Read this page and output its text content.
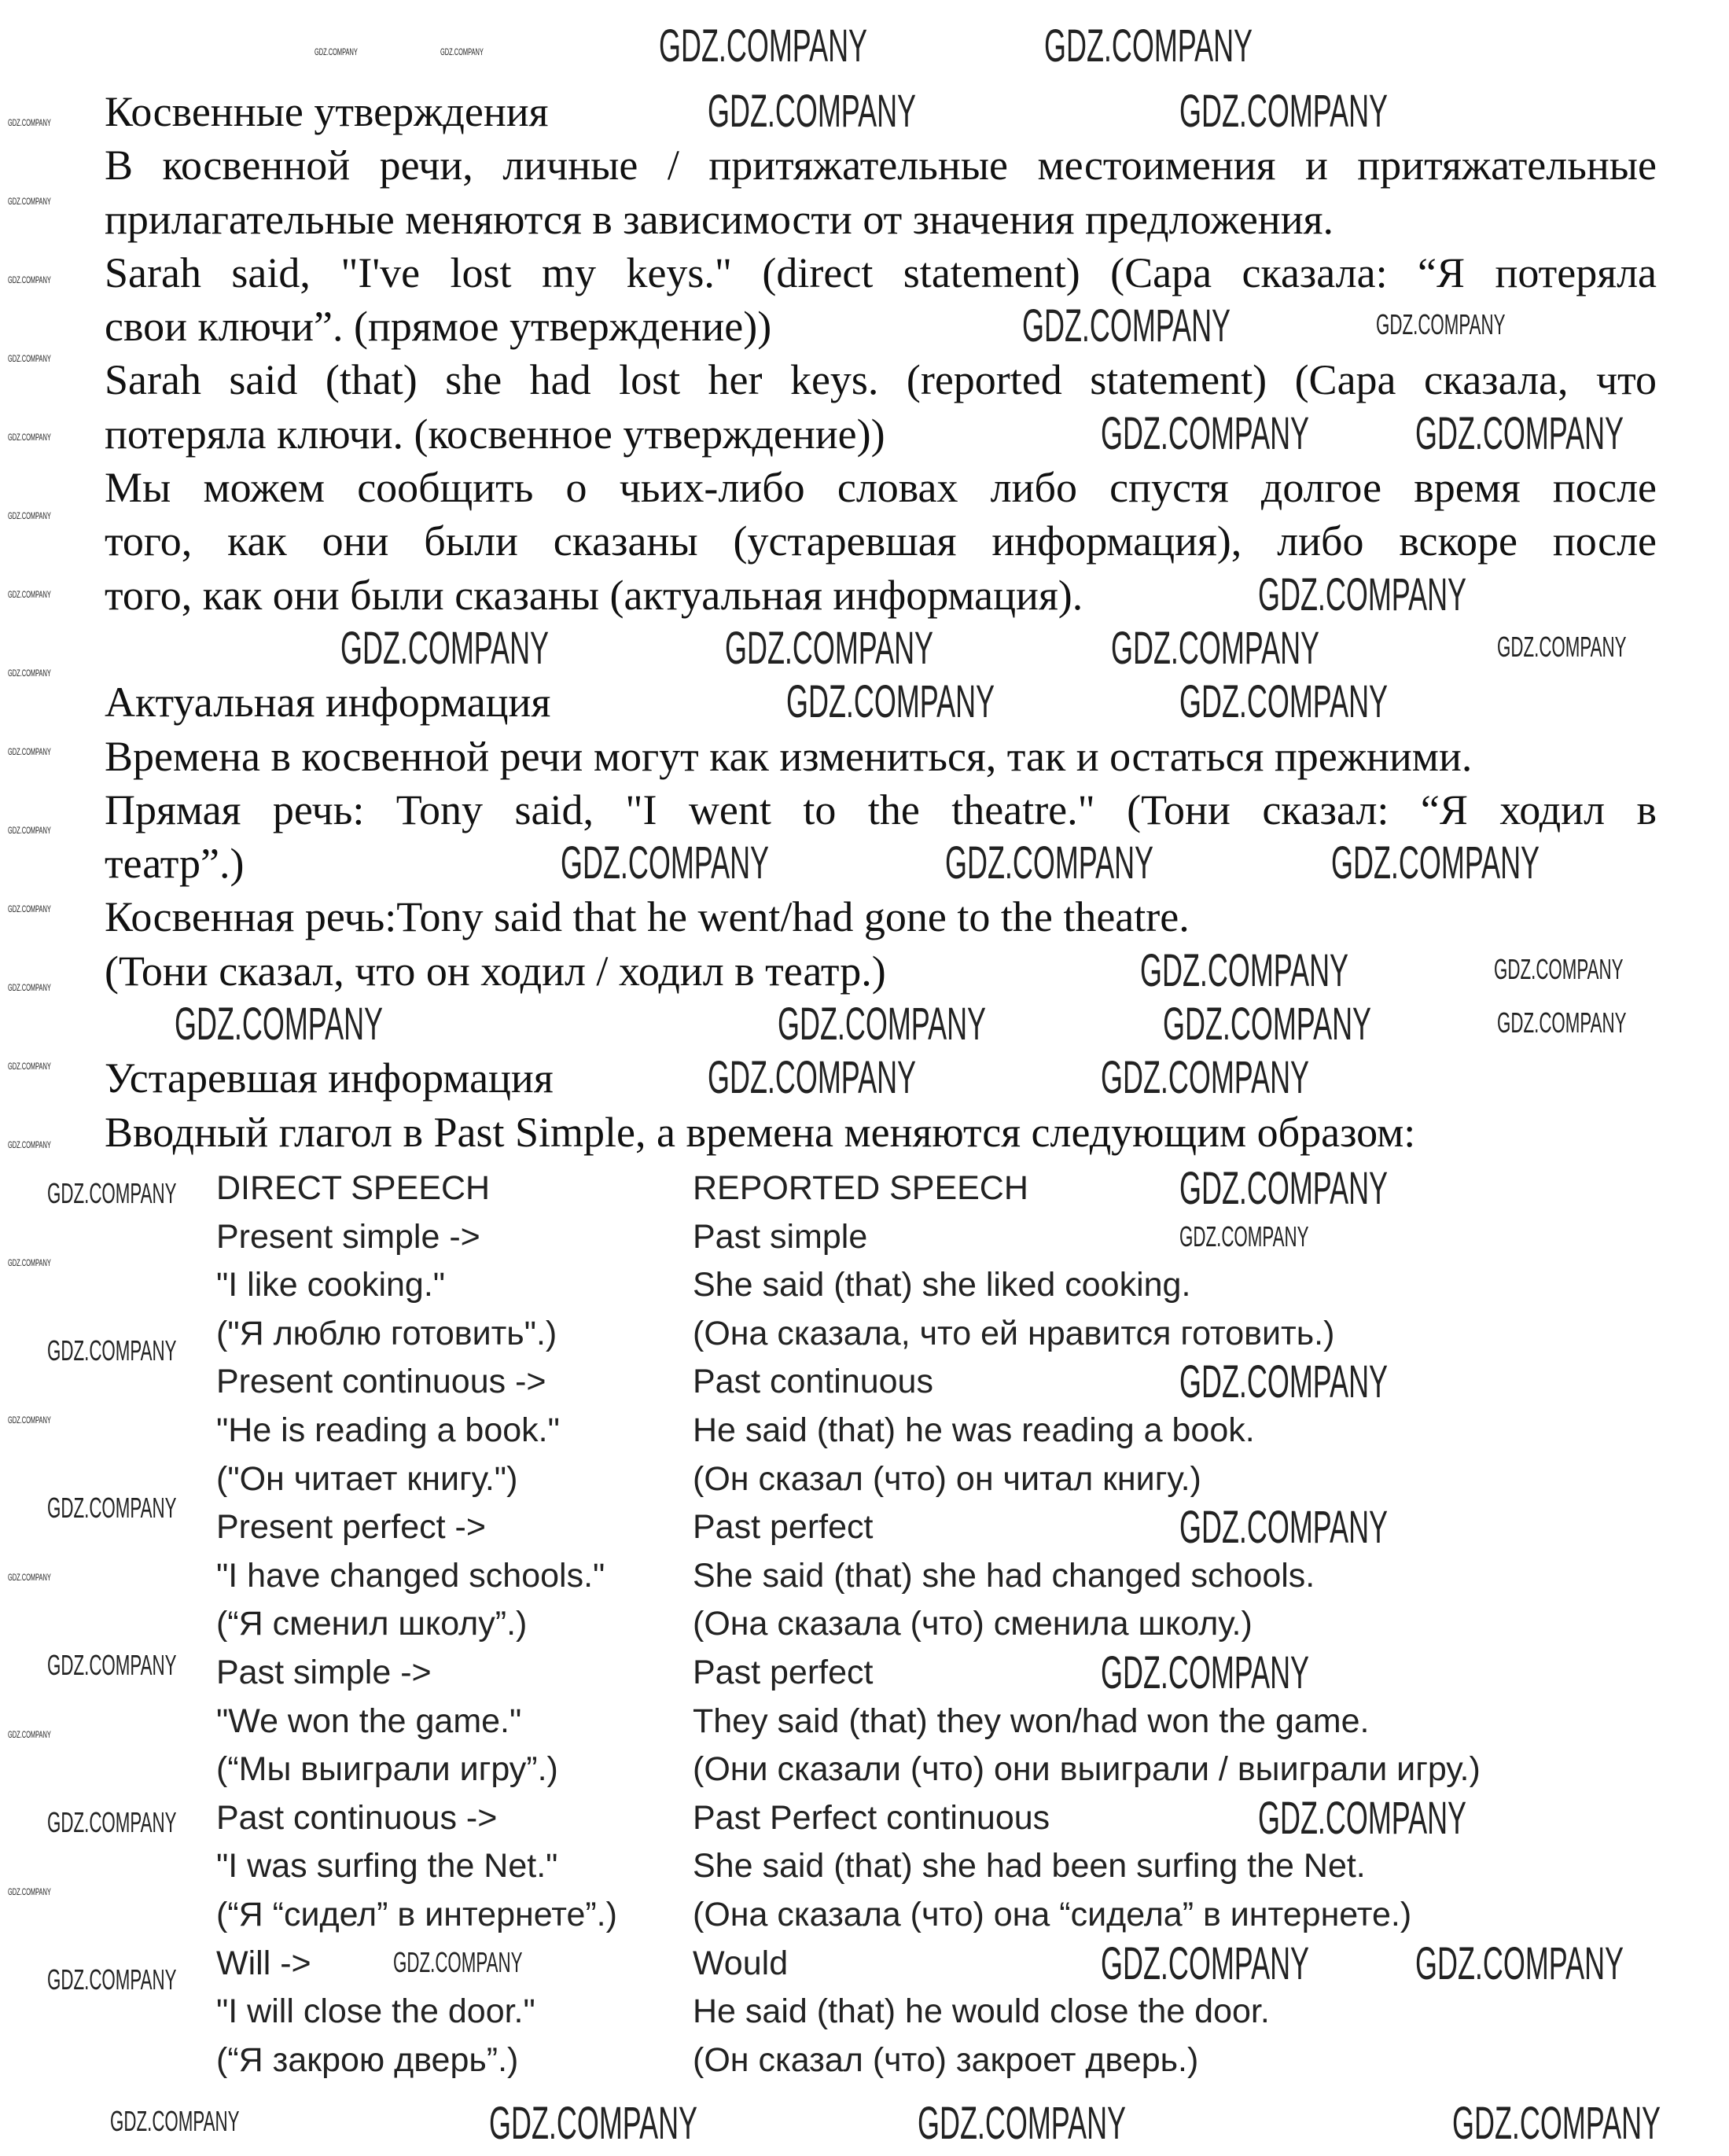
Косвенные утверждения
В косвенной речи, личные / притяжательные местоимения и притяжательные
прилагательные меняются в зависимости от значения предложения.
Sarah said, "I've lost my keys." (direct statement) (Сара сказала: “Я потеряла
свои ключи”. (прямое утверждение))
Sarah said (that) she had lost her keys. (reported statement) (Сара сказала, что
потеряла ключи. (косвенное утверждение))
Мы можем сообщить о чьих-либо словах либо спустя долгое время после
того, как они были сказаны (устаревшая информация), либо вскоре после
того, как они были сказаны (актуальная информация).
Актуальная информация
Времена в косвенной речи могут как измениться, так и остаться прежними.
Прямая речь: Tony said, "I went to the theatre." (Тони сказал: “Я ходил в
театр”.)
Косвенная речь:Tony said that he went/had gone to the theatre.
(Тони сказал, что он ходил / ходил в театр.)
Устаревшая информация
Вводный глагол в Past Simple, а времена меняются следующим образом:
DIRECT SPEECH	REPORTED SPEECH
Present simple ->	Past simple
"I like cooking."	She said (that) she liked cooking.
("Я люблю готовить".)	(Она сказала, что ей нравится готовить.)
Present continuous ->	Past continuous
"He is reading a book."	He said (that) he was reading a book.
("Он читает книгу.")	(Он сказал (что) он читал книгу.)
Present perfect ->	Past perfect
"I have changed schools."	She said (that) she had changed schools.
(“Я сменил школу”.)	(Она сказала (что) сменила школу.)
Past simple ->	Past perfect
"We won the game."	They said (that) they won/had won the game.
(“Мы выиграли игру”.)	(Они сказали (что) они выиграли / выиграли игру.)
Past continuous ->	Past Perfect continuous
"I was surfing the Net."	She said (that) she had been surfing the Net.
(“Я “сидел” в интернете”.)	(Она сказала (что) она “сидела” в интернете.)
Will ->	Would
"I will close the door."	He said (that) he would close the door.
(“Я закрою дверь”.)	(Он сказал (что) закроет дверь.)
GDZ.COMPANY	GDZ.COMPANY
GDZ.COMPANY	GDZ.COMPANY
GDZ.COMPANY	GDZ.COMPANY
GDZ.COMPANY	GDZ.COMPANY
GDZ.COMPANY GDZ.COMPANY
GDZ.COMPANY
GDZ.COMPANY	GDZ.COMPANY	GDZ.COMPANY	GDZ.COMPANY
GDZ.COMPANY	GDZ.COMPANY
GDZ.COMPANY	GDZ.COMPANY	GDZ.COMPANY
GDZ.COMPANY	GDZ.COMPANY
GDZ.COMPANY	GDZ.COMPANY	GDZ.COMPANY	GDZ.COMPANY
GDZ.COMPANY	GDZ.COMPANY
GDZ.COMPANY
GDZ.COMPANY
GDZ.COMPANY
GDZ.COMPANY
GDZ.COMPANY
GDZ.COMPANY
GDZ.COMPANY GDZ.COMPANY
GDZ.COMPANY
GDZ.COMPANY
GDZ.COMPANY
GDZ.COMPANY
GDZ.COMPANY
GDZ.COMPANY
GDZ.COMPANY
GDZ.COMPANY	GDZ.COMPANY	GDZ.COMPANY
GDZ.COMPANY
GDZ.COMPANY
GDZ.COMPANY
GDZ.COMPANY
GDZ.COMPANY
GDZ.COMPANY
GDZ.COMPANY
GDZ.COMPANY
GDZ.COMPANY
GDZ.COMPANY
GDZ.COMPANY
GDZ.COMPANY
GDZ.COMPANY
GDZ.COMPANY
GDZ.COMPANY
GDZ.COMPANY
GDZ.COMPANY
GDZ.COMPANY
GDZ.COMPANY
GDZ.COMPANY
